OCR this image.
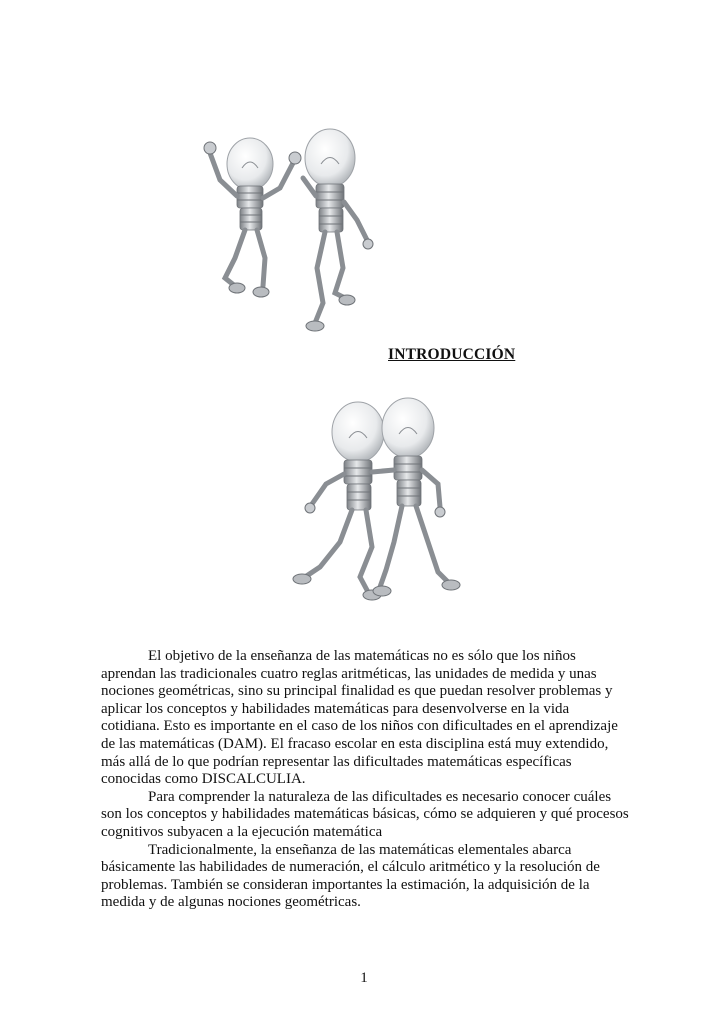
INTRODUCCIÓN

El objetivo de la enseñanza de las matemáticas no es sólo que los niños aprendan las tradicionales cuatro reglas aritméticas, las unidades de medida y unas nociones geométricas, sino su principal finalidad es que puedan resolver problemas y aplicar los conceptos y habilidades matemáticas para desenvolverse en la vida cotidiana. Esto es importante en el caso de los niños con dificultades en el aprendizaje de las matemáticas (DAM). El fracaso escolar en esta disciplina está muy extendido, más allá de lo que podrían representar las dificultades matemáticas específicas conocidas como DISCALCULIA.

Para comprender la naturaleza de las dificultades es necesario conocer cuáles son los conceptos y habilidades matemáticas básicas, cómo se adquieren y qué procesos cognitivos subyacen a la ejecución matemática

Tradicionalmente, la enseñanza de las matemáticas elementales abarca básicamente las habilidades de numeración, el cálculo aritmético y la resolución de problemas. También se consideran importantes la estimación, la adquisición de la medida y de algunas nociones geométricas.

1
